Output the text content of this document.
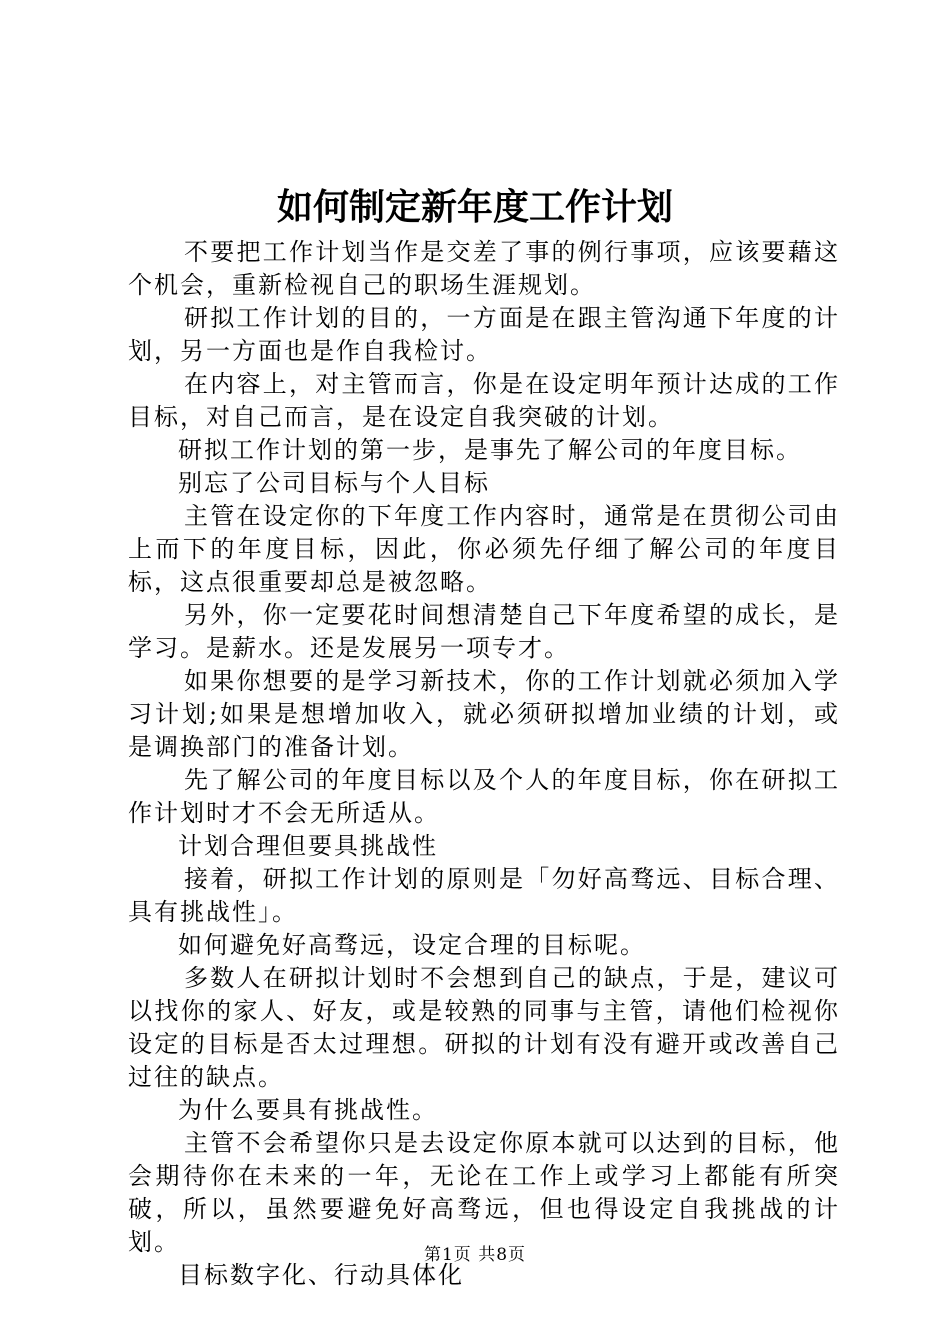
如何制定新年度工作计划

不要把工作计划当作是交差了事的例行事项，应该要藉这个机会，重新检视自己的职场生涯规划。

研拟工作计划的目的，一方面是在跟主管沟通下年度的计划，另一方面也是作自我检讨。

在内容上，对主管而言，你是在设定明年预计达成的工作目标，对自己而言，是在设定自我突破的计划。

研拟工作计划的第一步，是事先了解公司的年度目标。

别忘了公司目标与个人目标

主管在设定你的下年度工作内容时，通常是在贯彻公司由上而下的年度目标，因此，你必须先仔细了解公司的年度目标，这点很重要却总是被忽略。

另外，你一定要花时间想清楚自己下年度希望的成长，是学习。是薪水。还是发展另一项专才。

如果你想要的是学习新技术，你的工作计划就必须加入学习计划;如果是想增加收入，就必须研拟增加业绩的计划，或是调换部门的准备计划。

先了解公司的年度目标以及个人的年度目标，你在研拟工作计划时才不会无所适从。

计划合理但要具挑战性

接着，研拟工作计划的原则是「勿好高骛远、目标合理、具有挑战性」。

如何避免好高骛远，设定合理的目标呢。

多数人在研拟计划时不会想到自己的缺点，于是，建议可以找你的家人、好友，或是较熟的同事与主管，请他们检视你设定的目标是否太过理想。研拟的计划有没有避开或改善自己过往的缺点。

为什么要具有挑战性。

主管不会希望你只是去设定你原本就可以达到的目标，他会期待你在未来的一年，无论在工作上或学习上都能有所突破，所以，虽然要避免好高骛远，但也得设定自我挑战的计划。

目标数字化、行动具体化

第1页 共8页
